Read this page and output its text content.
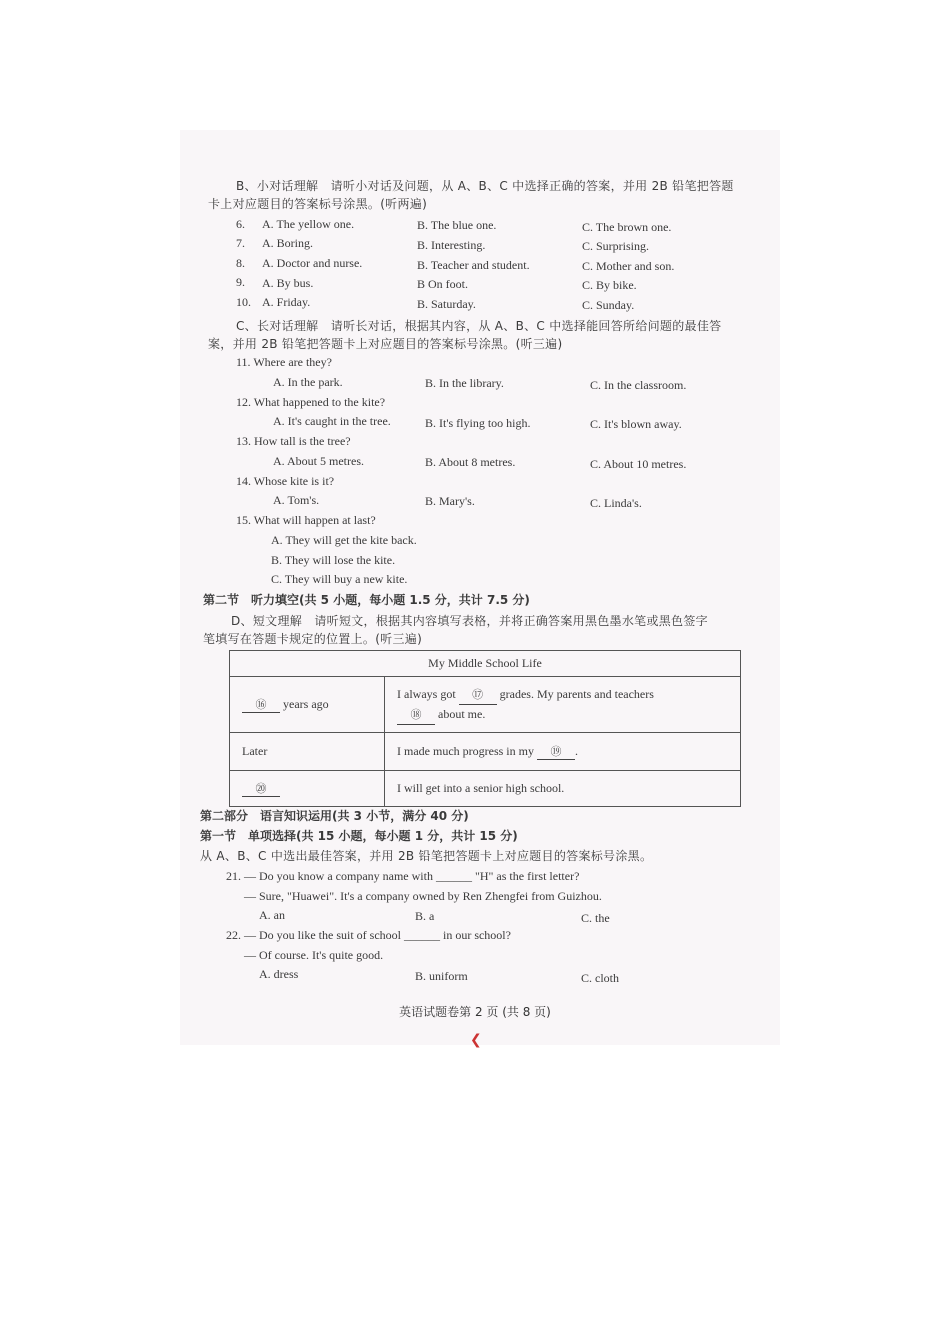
B、小对话理解　请听小对话及问题，从 A、B、C 中选择正确的答案，并用 2B 铅笔把答题
卡上对应题目的答案标号涂黑。(听两遍)
6. A. The yellow one.	B. The blue one.	C. The brown one.
7. A. Boring.	B. Interesting.	C. Surprising.
8. A. Doctor and nurse.	B. Teacher and student.	C. Mother and son.
9. A. By bus.	B On foot.	C. By bike.
10. A. Friday.	B. Saturday.	C. Sunday.
C、长对话理解　请听长对话，根据其内容，从 A、B、C 中选择能回答所给问题的最佳答
案，并用 2B 铅笔把答题卡上对应题目的答案标号涂黑。(听三遍)
11. Where are they?
A. In the park.	B. In the library.	C. In the classroom.
12. What happened to the kite?
A. It's caught in the tree.	B. It's flying too high.	C. It's blown away.
13. How tall is the tree?
A. About 5 metres.	B. About 8 metres.	C. About 10 metres.
14. Whose kite is it?
A. Tom's.	B. Mary's.	C. Linda's.
15. What will happen at last?
A. They will get the kite back.
B. They will lose the kite.
C. They will buy a new kite.
第二节　听力填空(共 5 小题，每小题 1.5 分，共计 7.5 分)
D、短文理解　请听短文，根据其内容填写表格，并将正确答案用黑色墨水笔或黑色签字
笔填写在答题卡规定的位置上。(听三遍)
My Middle School Life	
⑯ years ago	I always got ⑰ grades. My parents and teachers
⑱ about me.
Later	I made much progress in my ⑲ .
⑳	I will get into a senior high school.
第二部分　语言知识运用(共 3 小节，满分 40 分)
第一节　单项选择(共 15 小题，每小题 1 分，共计 15 分)
从 A、B、C 中选出最佳答案，并用 2B 铅笔把答题卡上对应题目的答案标号涂黑。
21. — Do you know a company name with ______ "H" as the first letter?
— Sure, "Huawei". It's a company owned by Ren Zhengfei from Guizhou.
A. an	B. a	C. the
22. — Do you like the suit of school ______ in our school?
— Of course. It's quite good.
A. dress	B. uniform	C. cloth
英语试题卷第 2 页 (共 8 页)
❮
